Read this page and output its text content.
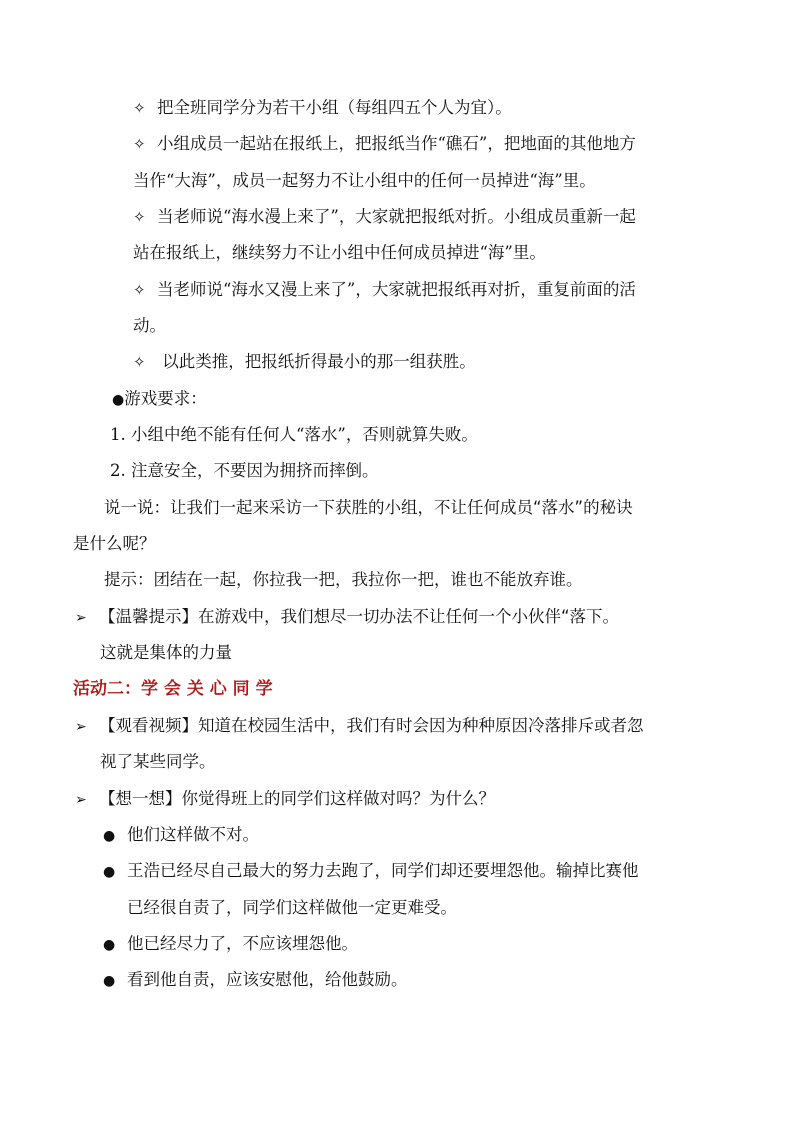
✧ 把全班同学分为若干小组（每组四五个人为宜）。
✧ 小组成员一起站在报纸上，把报纸当作“礁石”，把地面的其他地方
当作“大海”，成员一起努力不让小组中的任何一员掉进“海”里。
✧ 当老师说“海水漫上来了”，大家就把报纸对折。小组成员重新一起
站在报纸上，继续努力不让小组中任何成员掉进“海”里。
✧ 当老师说“海水又漫上来了”，大家就把报纸再对折，重复前面的活
动。
✧ 以此类推，把报纸折得最小的那一组获胜。
●游戏要求：
1. 小组中绝不能有任何人“落水”，否则就算失败。
2. 注意安全，不要因为拥挤而摔倒。
说一说：让我们一起来采访一下获胜的小组，不让任何成员“落水”的秘诀
是什么呢？
提示：团结在一起，你拉我一把，我拉你一把，谁也不能放弃谁。
➢ 【温馨提示】在游戏中，我们想尽一切办法不让任何一个小伙伴“落下。
这就是集体的力量
活动二：学 会 关 心 同 学
➢ 【观看视频】知道在校园生活中，我们有时会因为种种原因冷落排斥或者忽
视了某些同学。
➢ 【想一想】你觉得班上的同学们这样做对吗？为什么？
● 他们这样做不对。
● 王浩已经尽自己最大的努力去跑了，同学们却还要埋怨他。输掉比赛他
已经很自责了，同学们这样做他一定更难受。
● 他已经尽力了，不应该埋怨他。
● 看到他自责，应该安慰他，给他鼓励。
